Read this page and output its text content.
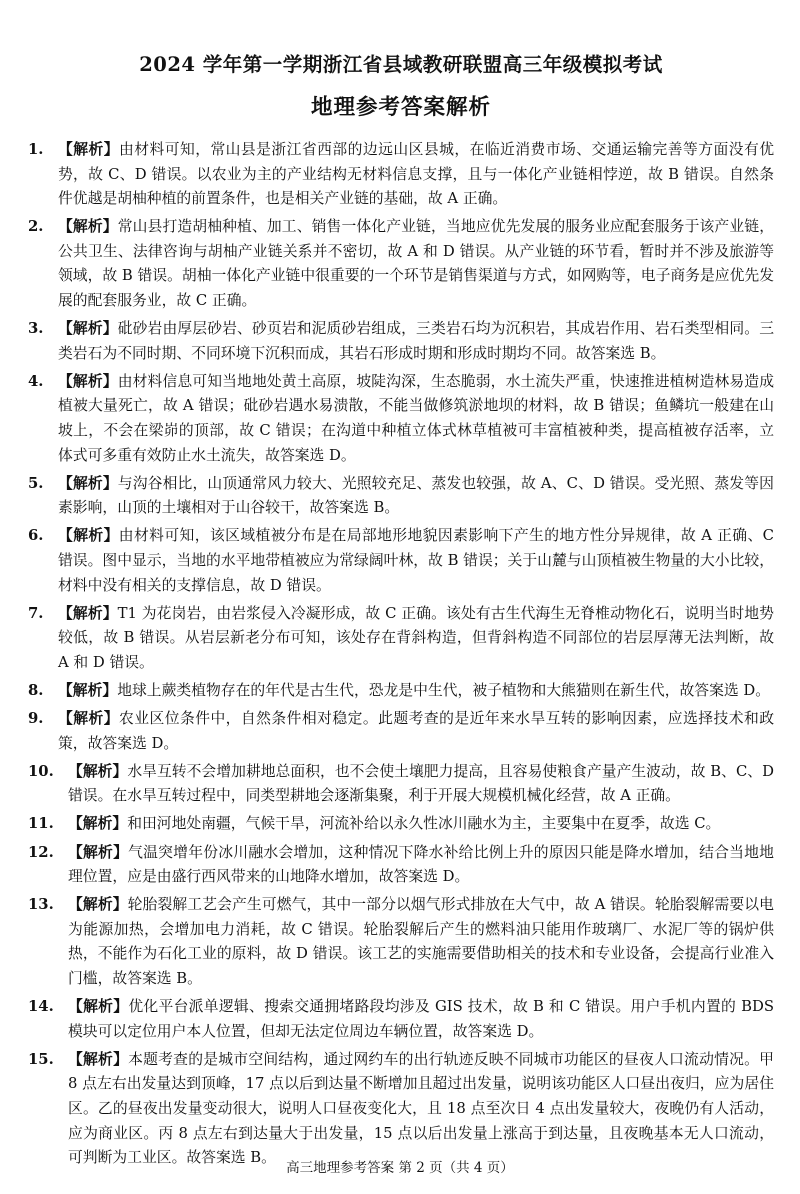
2024 学年第一学期浙江省县域教研联盟高三年级模拟考试
地理参考答案解析
1. 【解析】由材料可知，常山县是浙江省西部的边远山区县城，在临近消费市场、交通运输完善等方面没有优势，故 C、D 错误。以农业为主的产业结构无材料信息支撑，且与一体化产业链相悖逆，故 B 错误。自然条件优越是胡柚种植的前置条件，也是相关产业链的基础，故 A 正确。
2. 【解析】常山县打造胡柚种植、加工、销售一体化产业链，当地应优先发展的服务业应配套服务于该产业链，公共卫生、法律咨询与胡柚产业链关系并不密切，故 A 和 D 错误。从产业链的环节看，暂时并不涉及旅游等领域，故 B 错误。胡柚一体化产业链中很重要的一个环节是销售渠道与方式，如网购等，电子商务是应优先发展的配套服务业，故 C 正确。
3. 【解析】砒砂岩由厚层砂岩、砂页岩和泥质砂岩组成，三类岩石均为沉积岩，其成岩作用、岩石类型相同。三类岩石为不同时期、不同环境下沉积而成，其岩石形成时期和形成时期均不同。故答案选 B。
4. 【解析】由材料信息可知当地地处黄土高原，坡陡沟深，生态脆弱，水土流失严重，快速推进植树造林易造成植被大量死亡，故 A 错误；砒砂岩遇水易溃散，不能当做修筑淤地坝的材料，故 B 错误；鱼鳞坑一般建在山坡上，不会在梁峁的顶部，故 C 错误；在沟道中种植立体式林草植被可丰富植被种类，提高植被存活率，立体式可多重有效防止水土流失，故答案选 D。
5. 【解析】与沟谷相比，山顶通常风力较大、光照较充足、蒸发也较强，故 A、C、D 错误。受光照、蒸发等因素影响，山顶的土壤相对于山谷较干，故答案选 B。
6. 【解析】由材料可知，该区域植被分布是在局部地形地貌因素影响下产生的地方性分异规律，故 A 正确、C 错误。图中显示，当地的水平地带植被应为常绿阔叶林，故 B 错误；关于山麓与山顶植被生物量的大小比较，材料中没有相关的支撑信息，故 D 错误。
7. 【解析】T1 为花岗岩，由岩浆侵入冷凝形成，故 C 正确。该处有古生代海生无脊椎动物化石，说明当时地势较低，故 B 错误。从岩层新老分布可知，该处存在背斜构造，但背斜构造不同部位的岩层厚薄无法判断，故 A 和 D 错误。
8. 【解析】地球上蕨类植物存在的年代是古生代，恐龙是中生代，被子植物和大熊猫则在新生代，故答案选 D。
9. 【解析】农业区位条件中，自然条件相对稳定。此题考查的是近年来水旱互转的影响因素，应选择技术和政策，故答案选 D。
10. 【解析】水旱互转不会增加耕地总面积，也不会使土壤肥力提高，且容易使粮食产量产生波动，故 B、C、D 错误。在水旱互转过程中，同类型耕地会逐渐集聚，利于开展大规模机械化经营，故 A 正确。
11. 【解析】和田河地处南疆，气候干旱，河流补给以永久性冰川融水为主，主要集中在夏季，故选 C。
12. 【解析】气温突增年份冰川融水会增加，这种情况下降水补给比例上升的原因只能是降水增加，结合当地地理位置，应是由盛行西风带来的山地降水增加，故答案选 D。
13. 【解析】轮胎裂解工艺会产生可燃气，其中一部分以烟气形式排放在大气中，故 A 错误。轮胎裂解需要以电为能源加热，会增加电力消耗，故 C 错误。轮胎裂解后产生的燃料油只能用作玻璃厂、水泥厂等的锅炉供热，不能作为石化工业的原料，故 D 错误。该工艺的实施需要借助相关的技术和专业设备，会提高行业准入门槛，故答案选 B。
14. 【解析】优化平台派单逻辑、搜索交通拥堵路段均涉及 GIS 技术，故 B 和 C 错误。用户手机内置的 BDS 模块可以定位用户本人位置，但却无法定位周边车辆位置，故答案选 D。
15. 【解析】本题考查的是城市空间结构，通过网约车的出行轨迹反映不同城市功能区的昼夜人口流动情况。甲 8 点左右出发量达到顶峰，17 点以后到达量不断增加且超过出发量，说明该功能区人口昼出夜归，应为居住区。乙的昼夜出发量变动很大，说明人口昼夜变化大，且 18 点至次日 4 点出发量较大，夜晚仍有人活动，应为商业区。丙 8 点左右到达量大于出发量，15 点以后出发量上涨高于到达量，且夜晚基本无人口流动，可判断为工业区。故答案选 B。
高三地理参考答案 第 2 页（共 4 页）
